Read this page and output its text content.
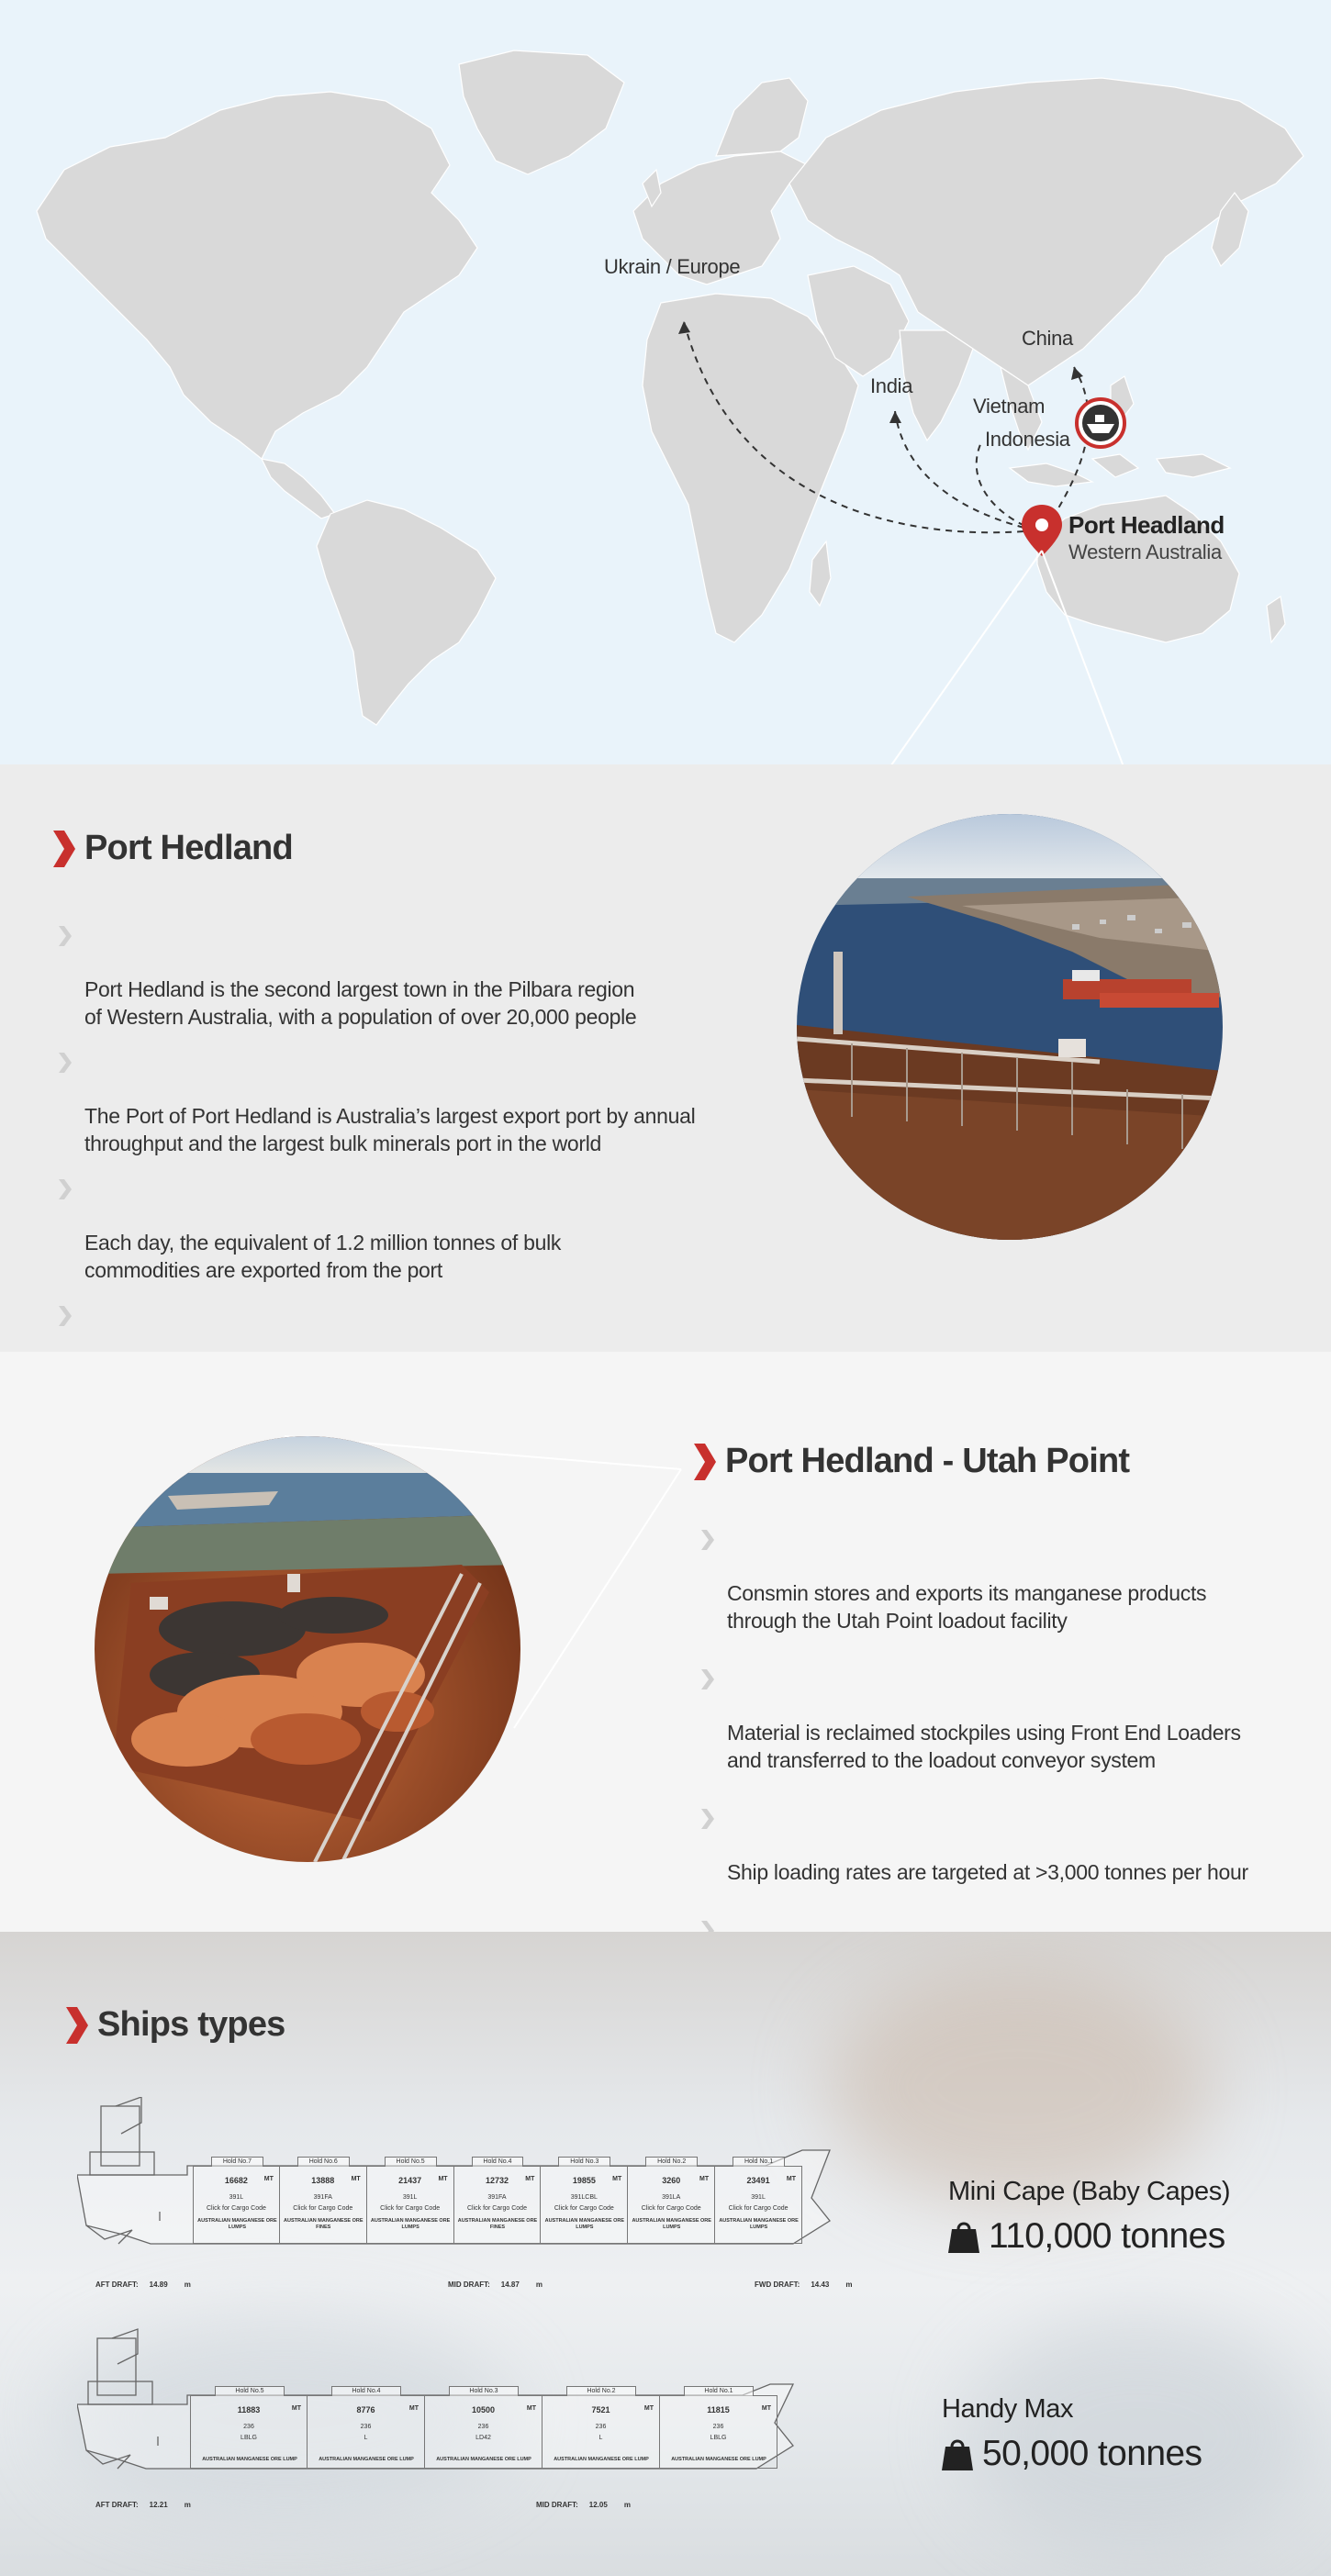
Ukrain / Europe
China
India
Vietnam
Indonesia
Port Headland
Western Australia
Port Hedland

Port Hedland is the second largest town in the Pilbara region
of Western Australia, with a population of over 20,000 people

The Port of Port Hedland is Australia’s largest export port by annual
throughput and the largest bulk minerals port in the world

Each day, the equivalent of 1.2 million tonnes of bulk
commodities are exported from the port

Port Hedland - Utah Point

Consmin stores and exports its manganese products
through the Utah Point loadout facility

Material is reclaimed stockpiles using Front End Loaders
and transferred to the loadout conveyor system

Ship loading rates are targeted at >3,000 tonnes per hour

Ships types
Hold No.7
16682	MT
391L
Click for Cargo Code
AUSTRALIAN MANGANESE ORE LUMPS
Hold No.6
13888	MT
391FA
Click for Cargo Code
AUSTRALIAN MANGANESE ORE FINES
Hold No.5
21437	MT
391L
Click for Cargo Code
AUSTRALIAN MANGANESE ORE LUMPS
Hold No.4
12732	MT
391FA
Click for Cargo Code
AUSTRALIAN MANGANESE ORE FINES
Hold No.3
19855	MT
391LCBL
Click for Cargo Code
AUSTRALIAN MANGANESE ORE LUMPS
Hold No.2
3260	MT
391LA
Click for Cargo Code
AUSTRALIAN MANGANESE ORE LUMPS
Hold No.1
23491	MT
391L
Click for Cargo Code
AUSTRALIAN MANGANESE ORE LUMPS
AFT DRAFT: 14.89 m	MID DRAFT: 14.87 m	FWD DRAFT: 14.43 m
Mini Cape (Baby Capes)
110,000 tonnes
Hold No.5
11883	MT
236
LBLG
AUSTRALIAN MANGANESE ORE LUMP
Hold No.4
8776	MT
236
L
AUSTRALIAN MANGANESE ORE LUMP
Hold No.3
10500	MT
236
LD42
AUSTRALIAN MANGANESE ORE LUMP
Hold No.2
7521	MT
236
L
AUSTRALIAN MANGANESE ORE LUMP
Hold No.1
11815	MT
236
LBLG
AUSTRALIAN MANGANESE ORE LUMP
AFT DRAFT: 12.21 m	MID DRAFT: 12.05 m
Handy Max
50,000 tonnes
